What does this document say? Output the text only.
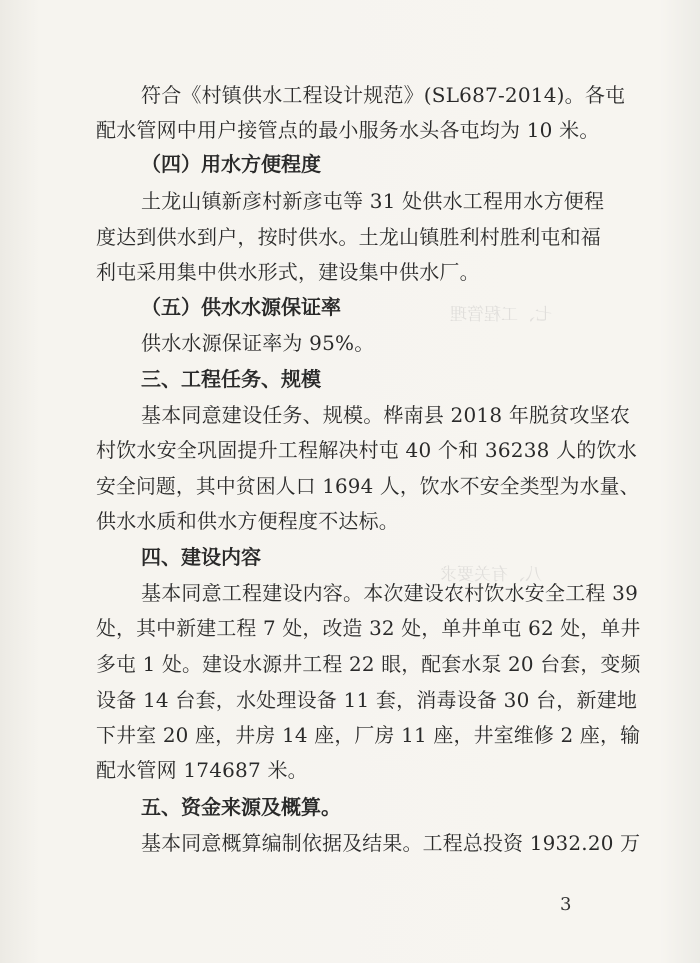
七、工程管理
八、有关要求
符合《村镇供水工程设计规范》(SL687-2014)。各屯
配水管网中用户接管点的最小服务水头各屯均为 10 米。
（四）用水方便程度
土龙山镇新彦村新彦屯等 31 处供水工程用水方便程
度达到供水到户，按时供水。土龙山镇胜利村胜利屯和福
利屯采用集中供水形式，建设集中供水厂。
（五）供水水源保证率
供水水源保证率为 95%。
三、工程任务、规模
基本同意建设任务、规模。桦南县 2018 年脱贫攻坚农
村饮水安全巩固提升工程解决村屯 40 个和 36238 人的饮水
安全问题，其中贫困人口 1694 人，饮水不安全类型为水量、
供水水质和供水方便程度不达标。
四、建设内容
基本同意工程建设内容。本次建设农村饮水安全工程 39
处，其中新建工程 7 处，改造 32 处，单井单屯 62 处，单井
多屯 1 处。建设水源井工程 22 眼，配套水泵 20 台套，变频
设备 14 台套，水处理设备 11 套，消毒设备 30 台，新建地
下井室 20 座，井房 14 座，厂房 11 座，井室维修 2 座，输
配水管网 174687 米。
五、资金来源及概算。
基本同意概算编制依据及结果。工程总投资 1932.20 万
3
